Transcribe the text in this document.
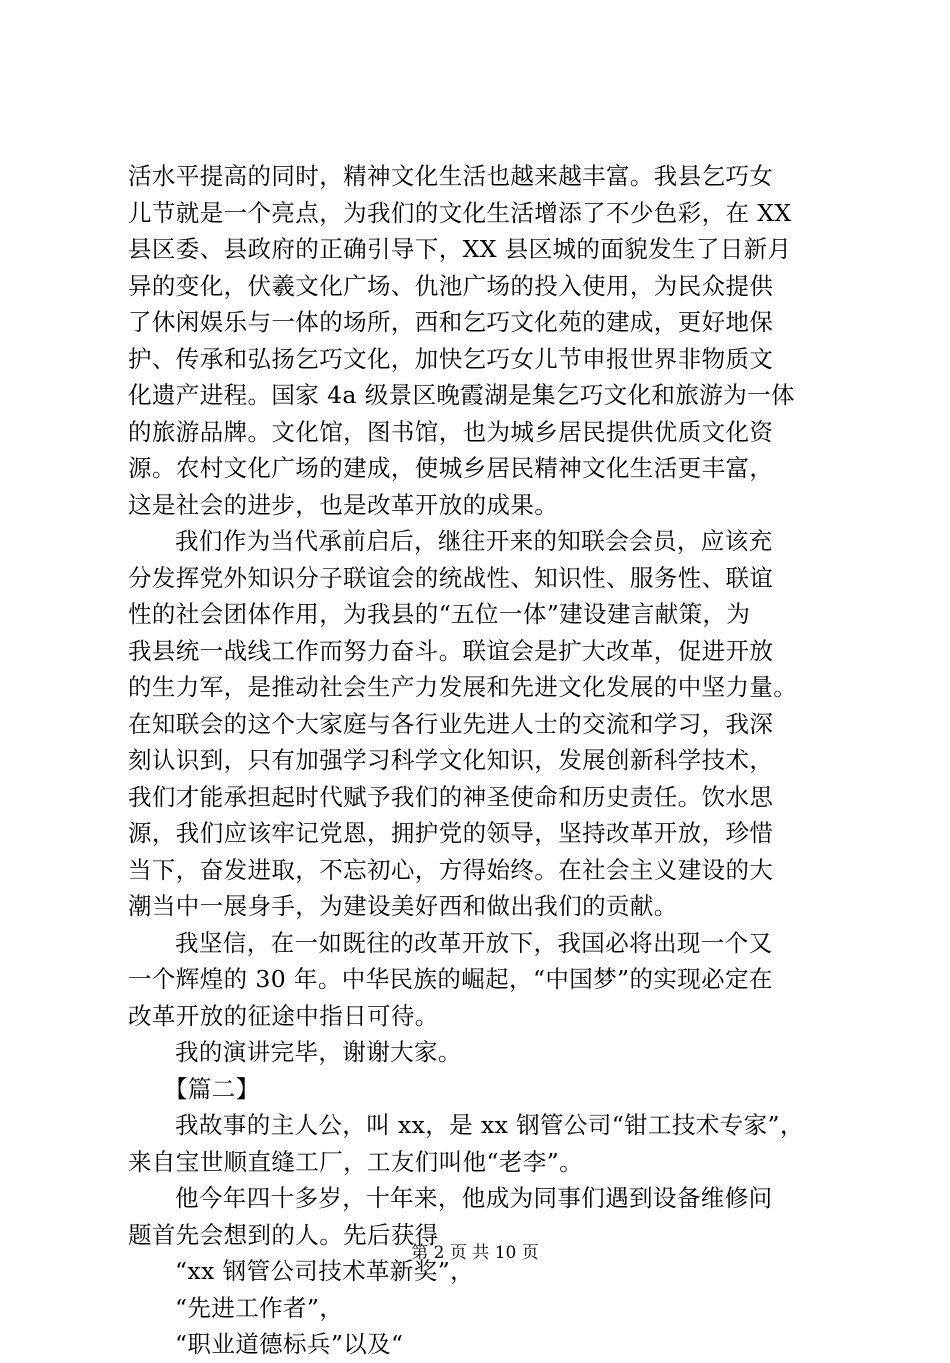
活水平提高的同时，精神文化生活也越来越丰富。我县乞巧女
儿节就是一个亮点，为我们的文化生活增添了不少色彩，在 XX
县区委、县政府的正确引导下，XX 县区城的面貌发生了日新月
异的变化，伏羲文化广场、仇池广场的投入使用，为民众提供
了休闲娱乐与一体的场所，西和乞巧文化苑的建成，更好地保
护、传承和弘扬乞巧文化，加快乞巧女儿节申报世界非物质文
化遗产进程。国家 4a 级景区晚霞湖是集乞巧文化和旅游为一体
的旅游品牌。文化馆，图书馆，也为城乡居民提供优质文化资
源。农村文化广场的建成，使城乡居民精神文化生活更丰富，
这是社会的进步，也是改革开放的成果。
我们作为当代承前启后，继往开来的知联会会员，应该充
分发挥党外知识分子联谊会的统战性、知识性、服务性、联谊
性的社会团体作用，为我县的“五位一体”建设建言献策，为
我县统一战线工作而努力奋斗。联谊会是扩大改革，促进开放
的生力军，是推动社会生产力发展和先进文化发展的中坚力量。
在知联会的这个大家庭与各行业先进人士的交流和学习，我深
刻认识到，只有加强学习科学文化知识，发展创新科学技术，
我们才能承担起时代赋予我们的神圣使命和历史责任。饮水思
源，我们应该牢记党恩，拥护党的领导，坚持改革开放，珍惜
当下，奋发进取，不忘初心，方得始终。在社会主义建设的大
潮当中一展身手，为建设美好西和做出我们的贡献。
我坚信，在一如既往的改革开放下，我国必将出现一个又
一个辉煌的 30 年。中华民族的崛起，“中国梦”的实现必定在
改革开放的征途中指日可待。
我的演讲完毕，谢谢大家。
【篇二】
我故事的主人公，叫 xx，是 xx 钢管公司“钳工技术专家”，
来自宝世顺直缝工厂，工友们叫他“老李”。
他今年四十多岁，十年来，他成为同事们遇到设备维修问
题首先会想到的人。先后获得
“xx 钢管公司技术革新奖”，
“先进工作者”，
“职业道德标兵”以及“
第 2 页 共 10 页
